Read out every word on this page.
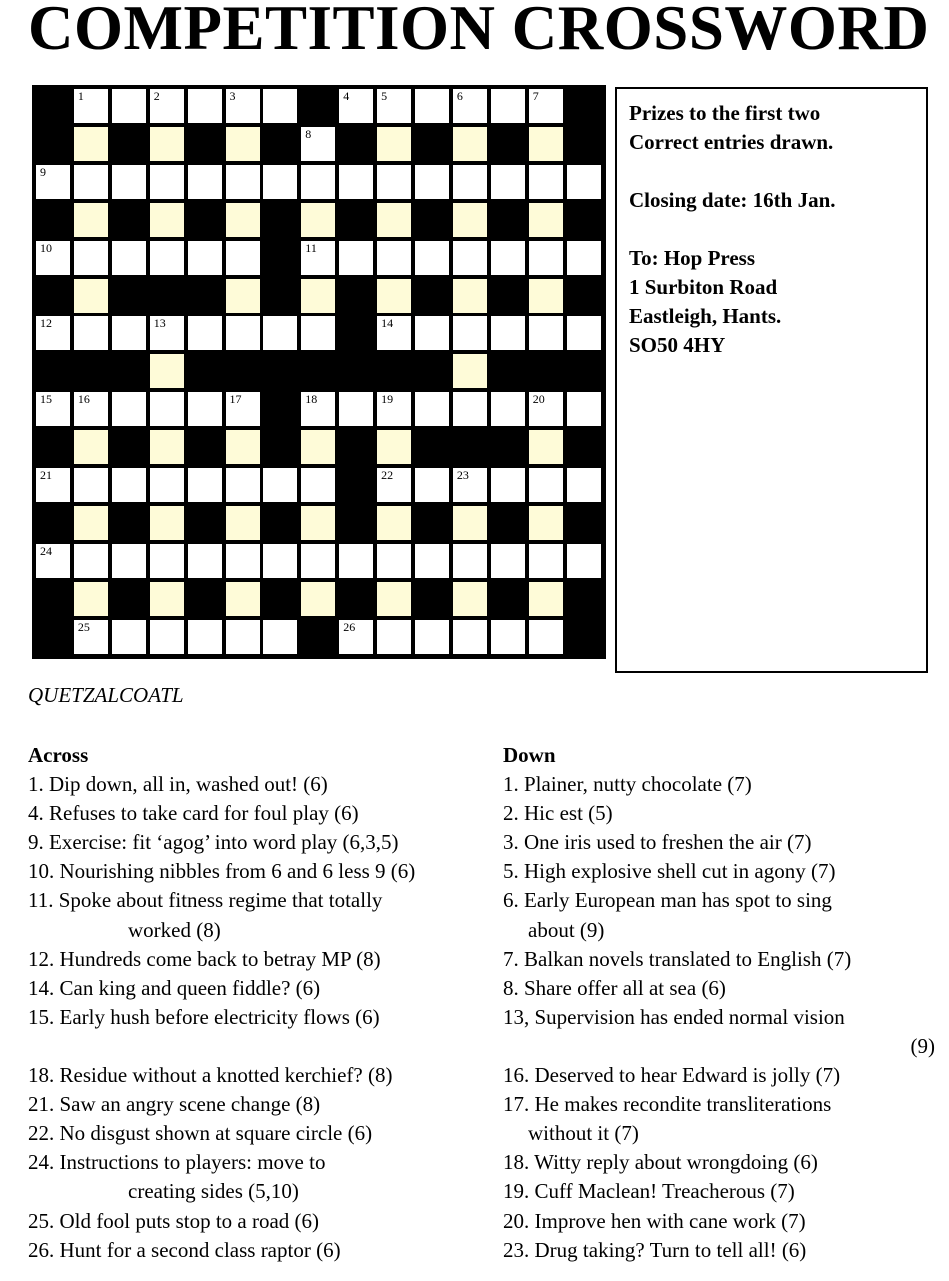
COMPETITION CROSSWORD
1	2	3	4	5	6	7
8
9
10	11
12	13	14
15 16	17	18	19	20
21	22	23
24
25	26

Prizes to the first two

Correct entries drawn.

Closing date: 16th Jan.

To: Hop Press

1 Surbiton Road

Eastleigh, Hants.

SO50 4HY

QUETZALCOATL
Across

1. Dip down, all in, washed out! (6)

4. Refuses to take card for foul play (6)

9. Exercise: fit ‘agog’ into word play (6,3,5)

10. Nourishing nibbles from 6 and 6 less 9 (6)

11. Spoke about fitness regime that totally
worked (8)

12. Hundreds come back to betray MP (8)

14. Can king and queen fiddle? (6)

15. Early hush before electricity flows (6)

18. Residue without a knotted kerchief? (8)

21. Saw an angry scene change (8)

22. No disgust shown at square circle (6)

24. Instructions to players: move to
creating sides (5,10)

25. Old fool puts stop to a road (6)

26. Hunt for a second class raptor (6)

Down

1. Plainer, nutty chocolate (7)

2. Hic est (5)

3. One iris used to freshen the air (7)

5. High explosive shell cut in agony (7)

6. Early European man has spot to sing
about (9)

7. Balkan novels translated to English (7)

8. Share offer all at sea (6)

13, Supervision has ended normal vision
(9)

16. Deserved to hear Edward is jolly (7)

17. He makes recondite transliterations
without it (7)

18. Witty reply about wrongdoing (6)

19. Cuff Maclean! Treacherous (7)

20. Improve hen with cane work (7)

23. Drug taking? Turn to tell all! (6)
